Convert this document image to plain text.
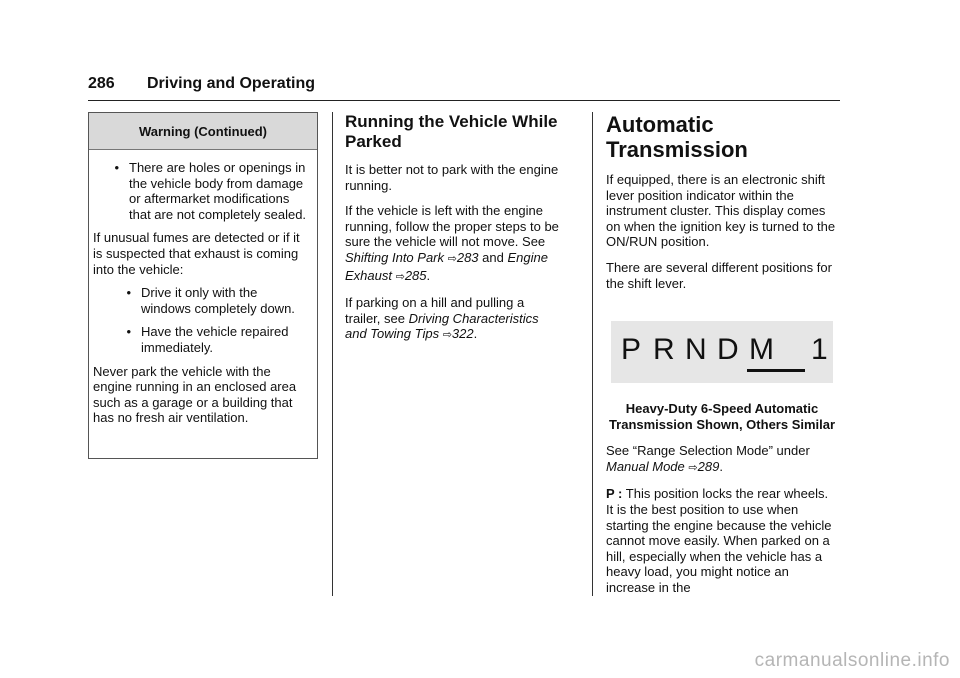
286 Driving and Operating
Warning (Continued)
• There are holes or openings in the vehicle body from damage or aftermarket modifications that are not completely sealed.

If unusual fumes are detected or if it is suspected that exhaust is coming into the vehicle:

• Drive it only with the windows completely down.
• Have the vehicle repaired immediately.

Never park the vehicle with the engine running in an enclosed area such as a garage or a building that has no fresh air ventilation.

Running the Vehicle While Parked

It is better not to park with the engine running.

If the vehicle is left with the engine running, follow the proper steps to be sure the vehicle will not move. See Shifting Into Park ⇨283 and Engine Exhaust ⇨285.

If parking on a hill and pulling a trailer, see Driving Characteristics and Towing Tips ⇨322.

Automatic Transmission

If equipped, there is an electronic shift lever position indicator within the instrument cluster. This display comes on when the ignition key is turned to the ON/RUN position.

There are several different positions for the shift lever.

P R N D M 1
Heavy-Duty 6-Speed Automatic Transmission Shown, Others Similar

See “Range Selection Mode” under Manual Mode ⇨289.

P : This position locks the rear wheels. It is the best position to use when starting the engine because the vehicle cannot move easily. When parked on a hill, especially when the vehicle has a heavy load, you might notice an increase in the

carmanualsonline.info
